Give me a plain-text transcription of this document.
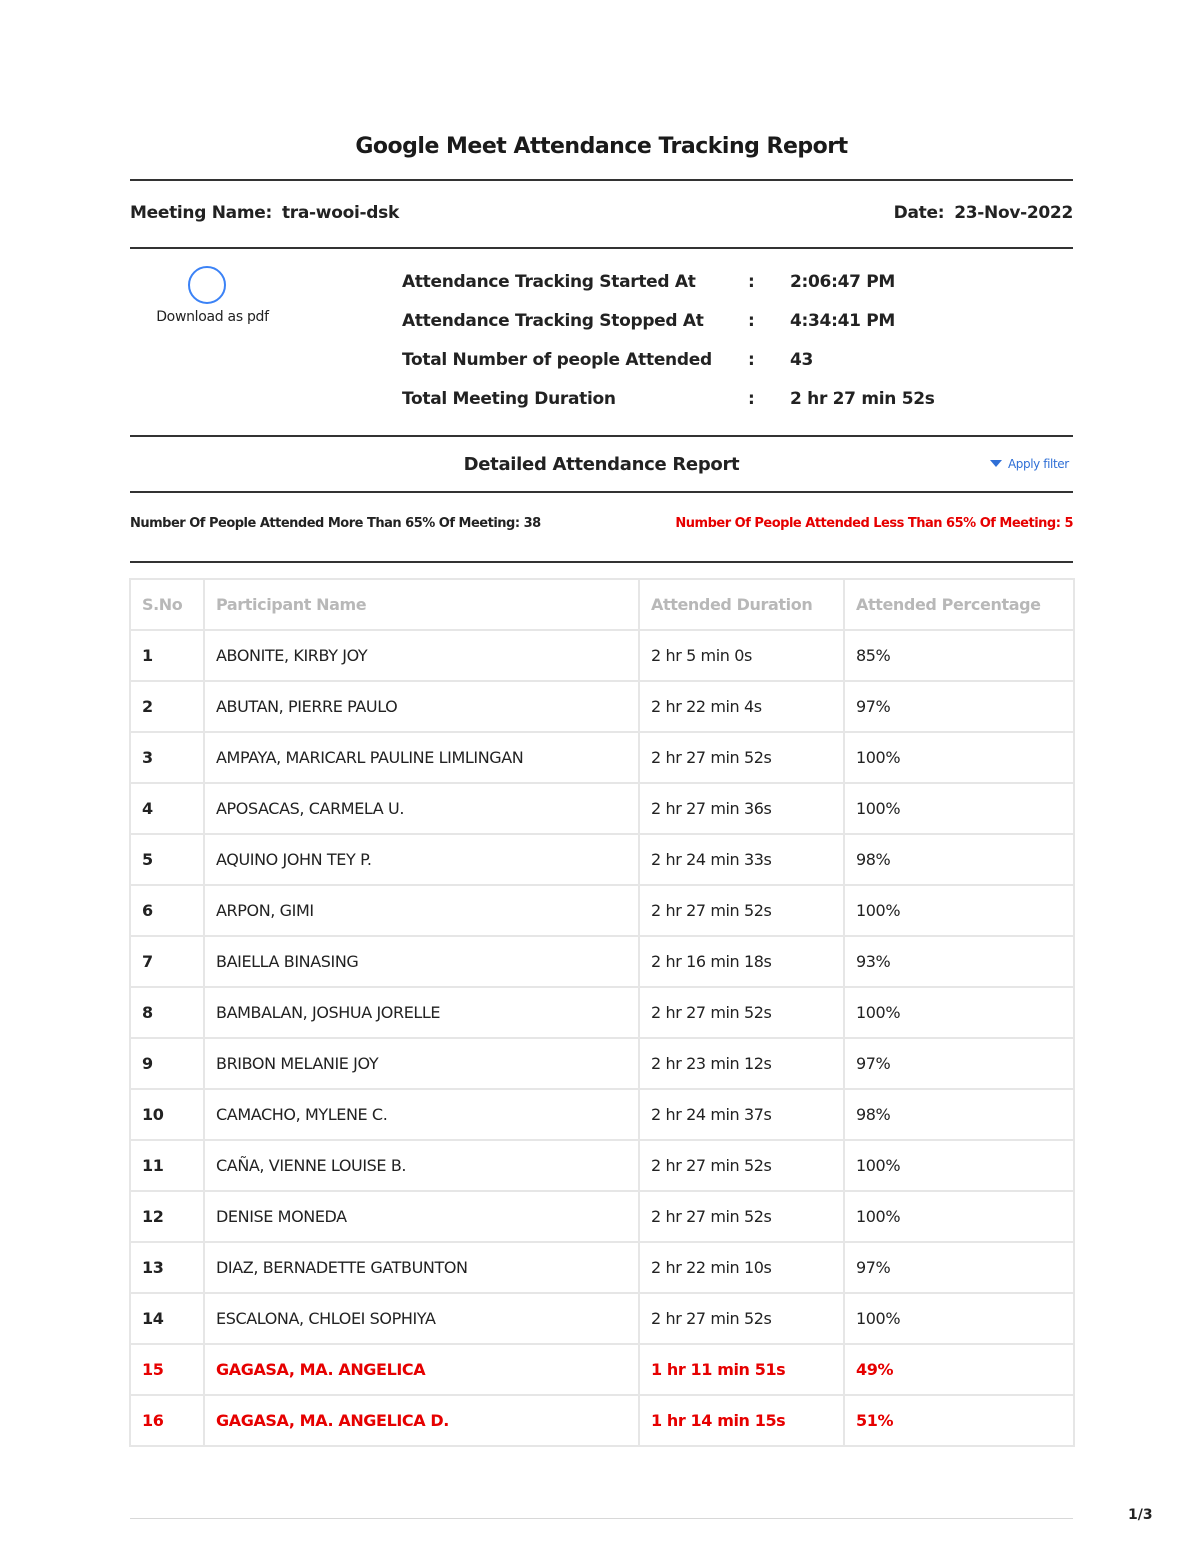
Google Meet Attendance Tracking Report
Meeting Name: tra-wooi-dsk	Date: 23-Nov-2022
Download as pdf
Attendance Tracking Started At	: 2:06:47 PM
Attendance Tracking Stopped At	: 4:34:41 PM
Total Number of people Attended : 43
Total Meeting Duration	: 2 hr 27 min 52s
Detailed Attendance Report	Apply filter
Number Of People Attended More Than 65% Of Meeting: 38	Number Of People Attended Less Than 65% Of Meeting: 5
S.No	Participant Name	Attended Duration	Attended Percentage
1	ABONITE, KIRBY JOY	2 hr 5 min 0s	85%
2	ABUTAN, PIERRE PAULO	2 hr 22 min 4s	97%
3	AMPAYA, MARICARL PAULINE LIMLINGAN	2 hr 27 min 52s	100%
4	APOSACAS, CARMELA U.	2 hr 27 min 36s	100%
5	AQUINO JOHN TEY P.	2 hr 24 min 33s	98%
6	ARPON, GIMI	2 hr 27 min 52s	100%
7	BAIELLA BINASING	2 hr 16 min 18s	93%
8	BAMBALAN, JOSHUA JORELLE	2 hr 27 min 52s	100%
9	BRIBON MELANIE JOY	2 hr 23 min 12s	97%
10	CAMACHO, MYLENE C.	2 hr 24 min 37s	98%
11	CAÑA, VIENNE LOUISE B.	2 hr 27 min 52s	100%
12	DENISE MONEDA	2 hr 27 min 52s	100%
13	DIAZ, BERNADETTE GATBUNTON	2 hr 22 min 10s	97%
14	ESCALONA, CHLOEI SOPHIYA	2 hr 27 min 52s	100%
15	GAGASA, MA. ANGELICA	1 hr 11 min 51s	49%
16	GAGASA, MA. ANGELICA D.	1 hr 14 min 15s	51%
1/3
